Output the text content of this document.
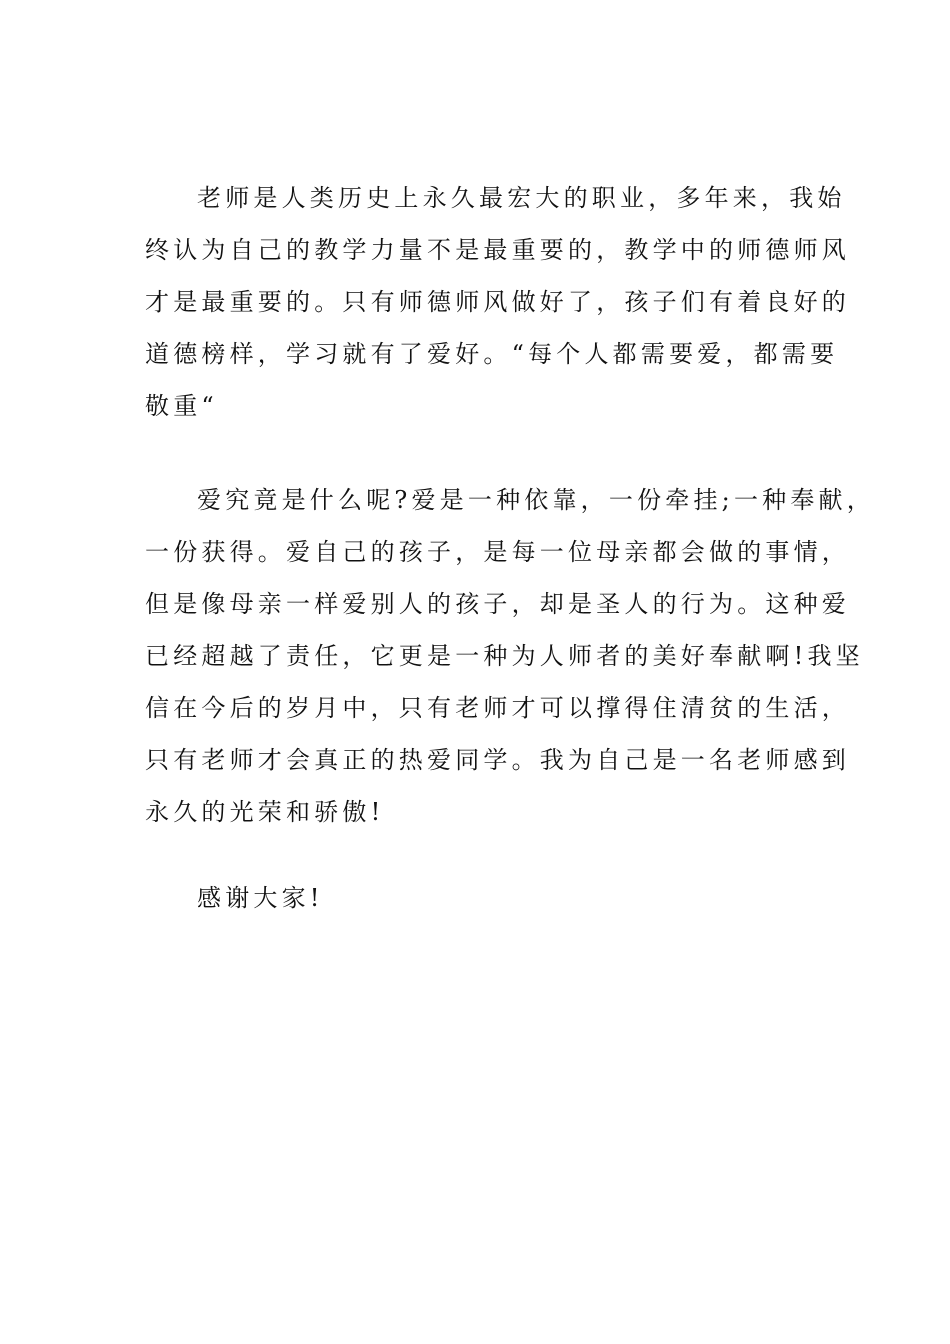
老师是人类历史上永久最宏大的职业，多年来，我始

终认为自己的教学力量不是最重要的，教学中的师德师风

才是最重要的。只有师德师风做好了，孩子们有着良好的

道德榜样，学习就有了爱好。“每个人都需要爱，都需要

敬重“

爱究竟是什么呢?爱是一种依靠，一份牵挂;一种奉献，

一份获得。爱自己的孩子，是每一位母亲都会做的事情，

但是像母亲一样爱别人的孩子，却是圣人的行为。这种爱

已经超越了责任，它更是一种为人师者的美好奉献啊!我坚

信在今后的岁月中，只有老师才可以撑得住清贫的生活，

只有老师才会真正的热爱同学。我为自己是一名老师感到

永久的光荣和骄傲!

感谢大家!
